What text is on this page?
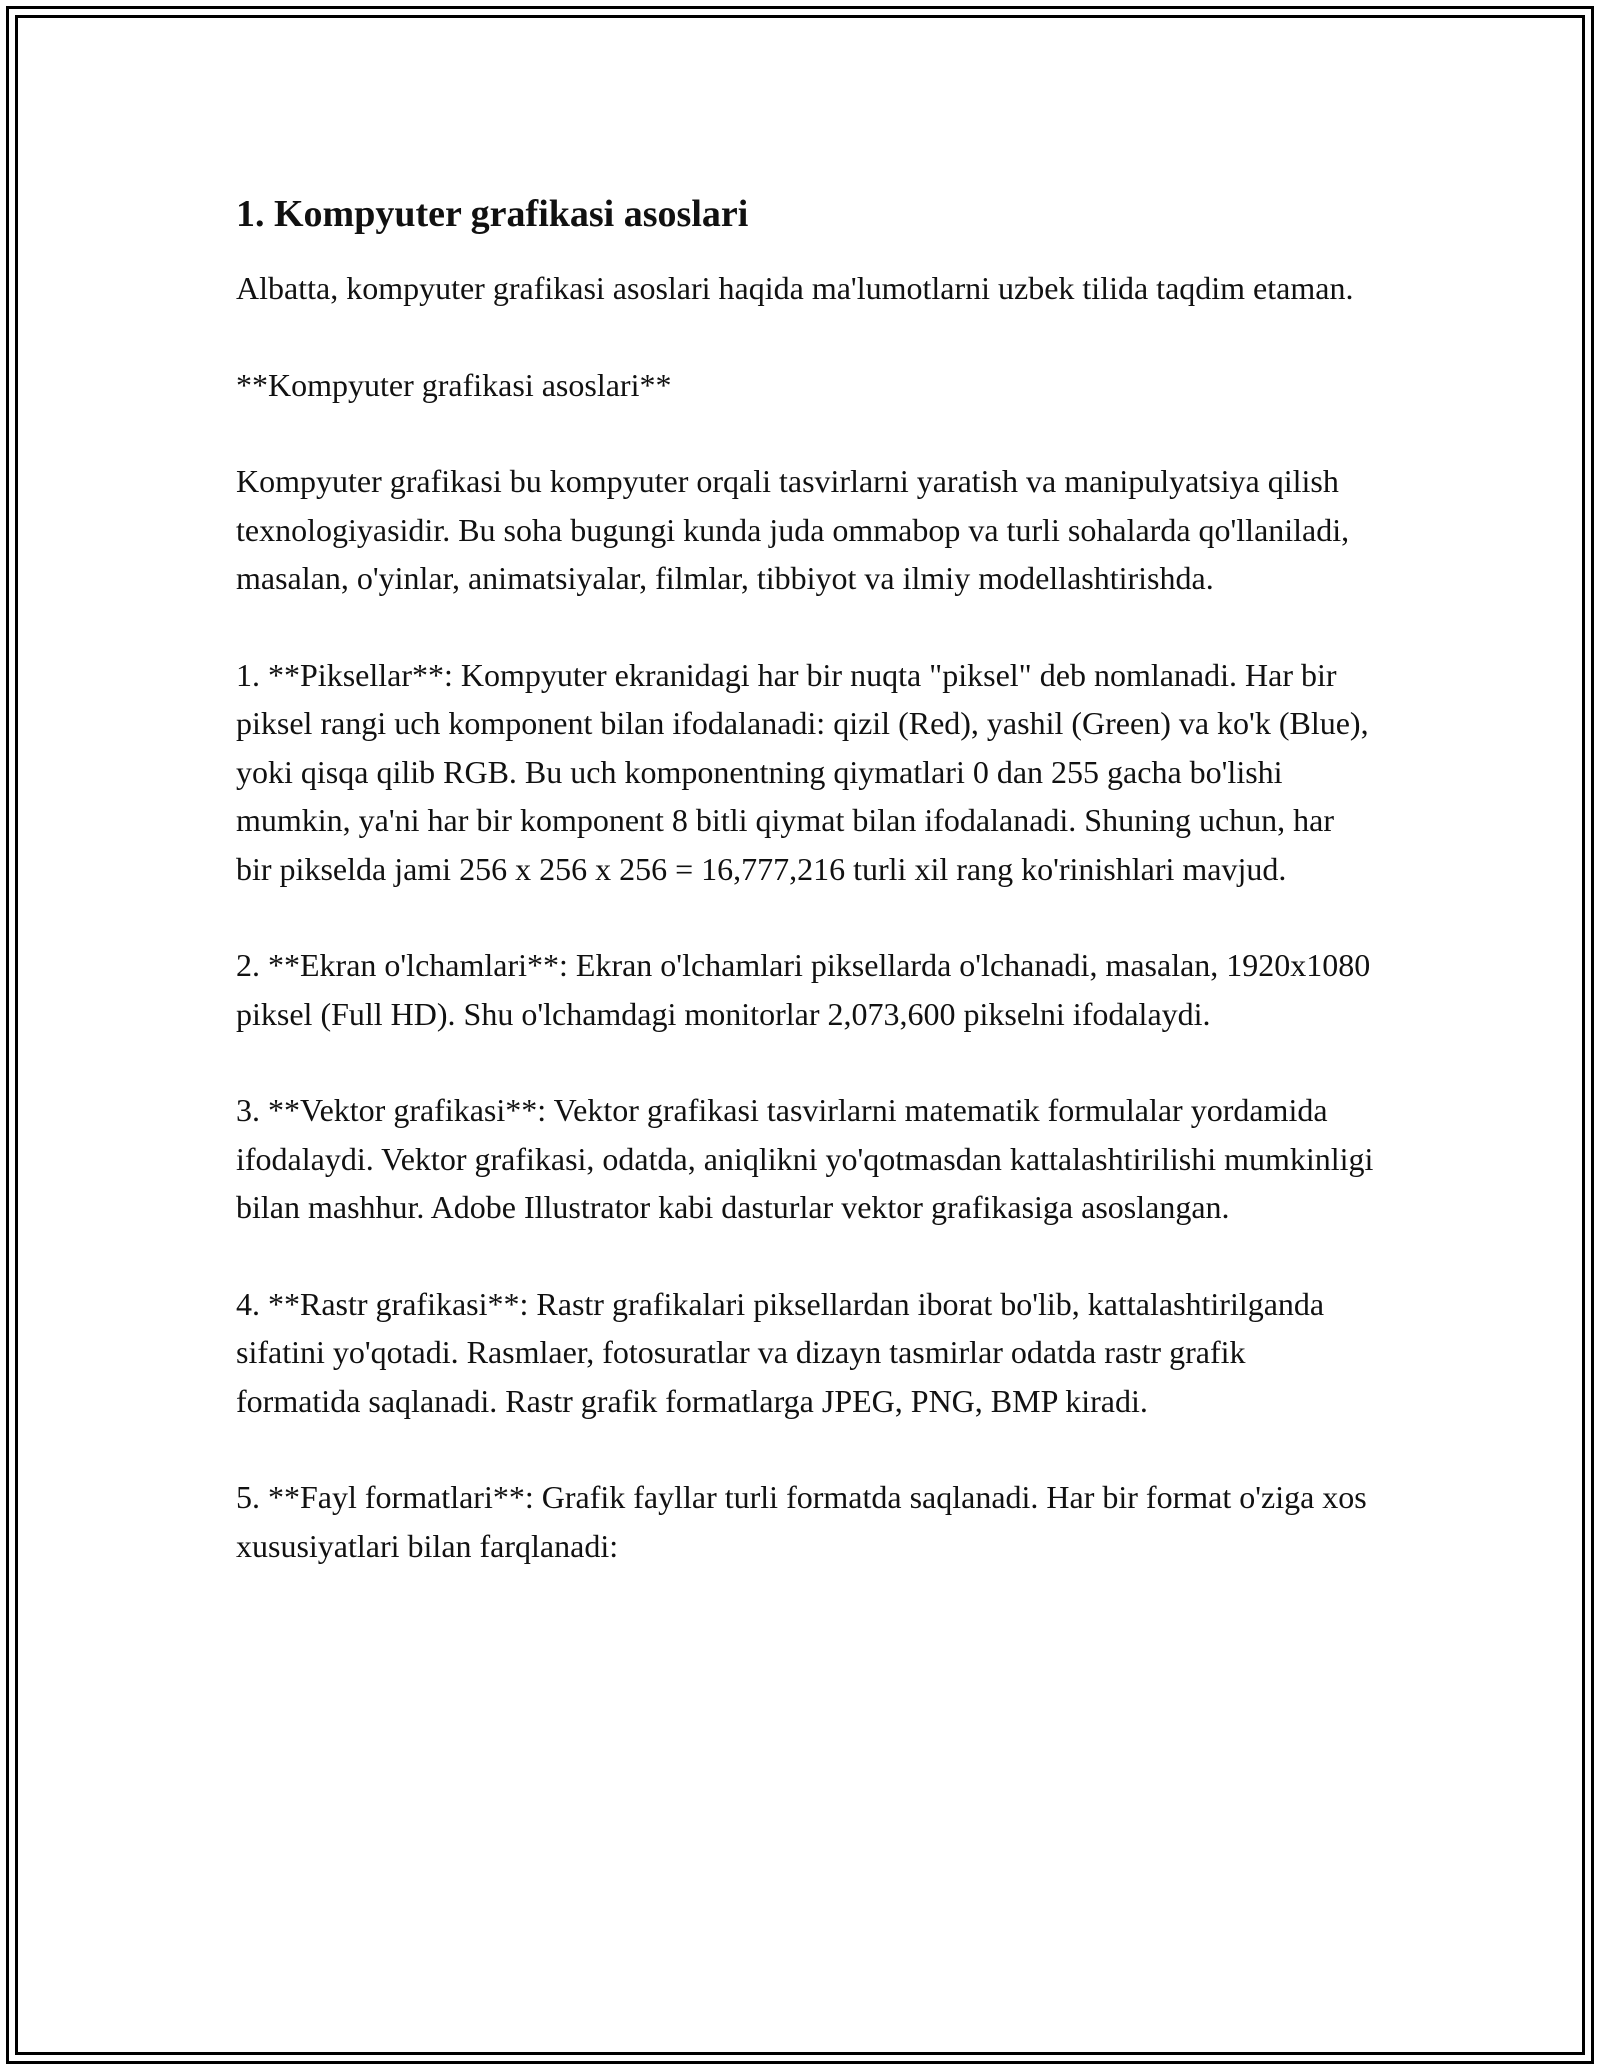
1. Kompyuter grafikasi asoslari

Albatta, kompyuter grafikasi asoslari haqida ma'lumotlarni uzbek tilida taqdim etaman.

**Kompyuter grafikasi asoslari**

Kompyuter grafikasi bu kompyuter orqali tasvirlarni yaratish va manipulyatsiya qilish texnologiyasidir. Bu soha bugungi kunda juda ommabop va turli sohalarda qo'llaniladi, masalan, o'yinlar, animatsiyalar, filmlar, tibbiyot va ilmiy modellashtirishda.

1. **Piksellar**: Kompyuter ekranidagi har bir nuqta "piksel" deb nomlanadi. Har bir piksel rangi uch komponent bilan ifodalanadi: qizil (Red), yashil (Green) va ko'k (Blue), yoki qisqa qilib RGB. Bu uch komponentning qiymatlari 0 dan 255 gacha bo'lishi mumkin, ya'ni har bir komponent 8 bitli qiymat bilan ifodalanadi. Shuning uchun, har bir pikselda jami 256 x 256 x 256 = 16,777,216 turli xil rang ko'rinishlari mavjud.

2. **Ekran o'lchamlari**: Ekran o'lchamlari piksellarda o'lchanadi, masalan, 1920x1080 piksel (Full HD). Shu o'lchamdagi monitorlar 2,073,600 pikselni ifodalaydi.

3. **Vektor grafikasi**: Vektor grafikasi tasvirlarni matematik formulalar yordamida ifodalaydi. Vektor grafikasi, odatda, aniqlikni yo'qotmasdan kattalashtirilishi mumkinligi bilan mashhur. Adobe Illustrator kabi dasturlar vektor grafikasiga asoslangan.

4. **Rastr grafikasi**: Rastr grafikalari piksellardan iborat bo'lib, kattalashtirilganda sifatini yo'qotadi. Rasmlaer, fotosuratlar va dizayn tasmirlar odatda rastr grafik formatida saqlanadi. Rastr grafik formatlarga JPEG, PNG, BMP kiradi.

5. **Fayl formatlari**: Grafik fayllar turli formatda saqlanadi. Har bir format o'ziga xos xususiyatlari bilan farqlanadi:
